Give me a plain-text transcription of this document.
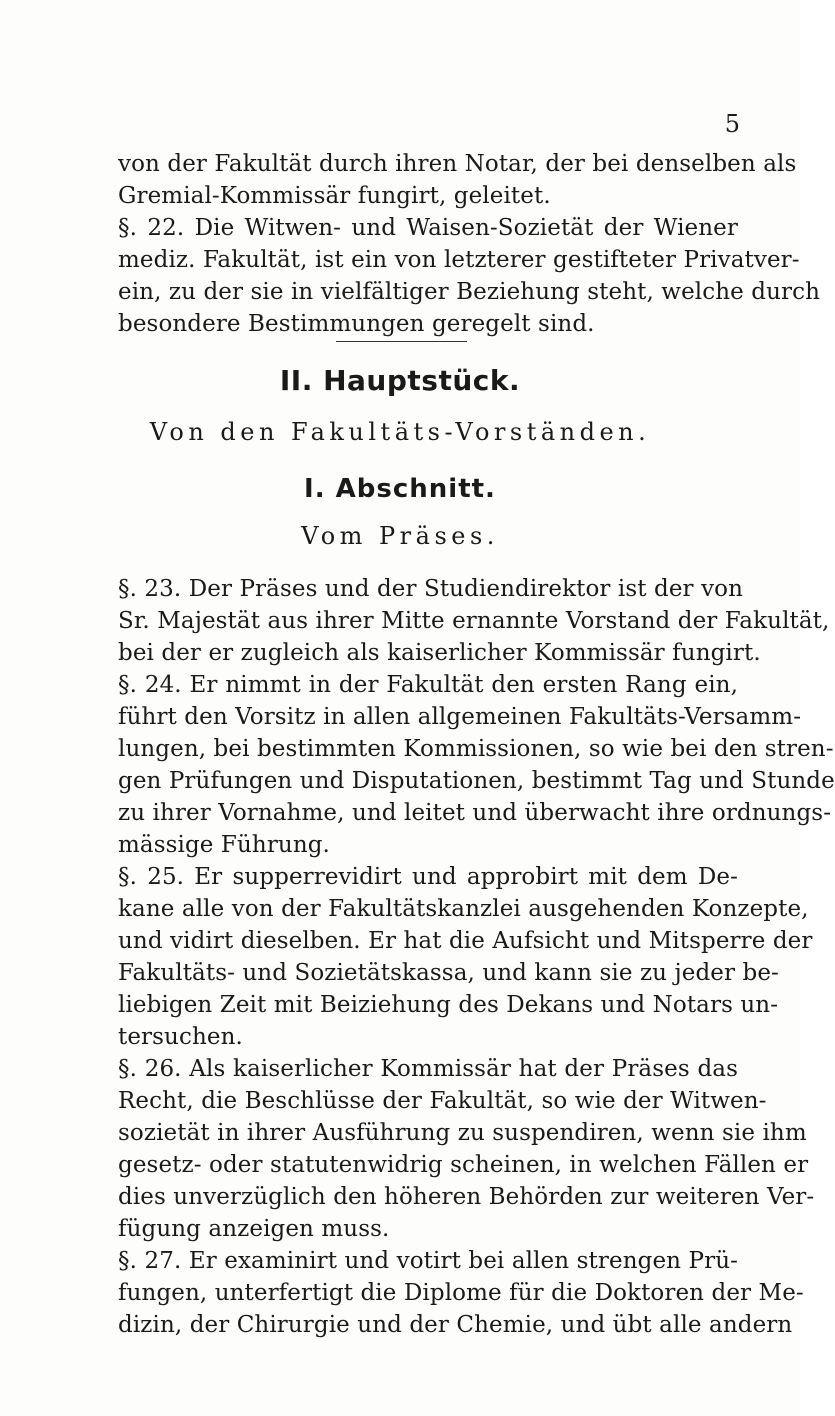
5
von der Fakultät durch ihren Notar, der bei denselben als
Gremial-Kommissär fungirt, geleitet.
§. 22. Die Witwen- und Waisen-Sozietät der Wiener
mediz. Fakultät, ist ein von letzterer gestifteter Privatver-
ein, zu der sie in vielfältiger Beziehung steht, welche durch
besondere Bestimmungen geregelt sind.
II. Hauptstück.
Von den Fakultäts-Vorständen.
I. Abschnitt.
Vom Präses.
§. 23. Der Präses und der Studiendirektor ist der von
Sr. Majestät aus ihrer Mitte ernannte Vorstand der Fakultät,
bei der er zugleich als kaiserlicher Kommissär fungirt.
§. 24. Er nimmt in der Fakultät den ersten Rang ein,
führt den Vorsitz in allen allgemeinen Fakultäts-Versamm-
lungen, bei bestimmten Kommissionen, so wie bei den stren-
gen Prüfungen und Disputationen, bestimmt Tag und Stunde
zu ihrer Vornahme, und leitet und überwacht ihre ordnungs-
mässige Führung.
§. 25. Er supperrevidirt und approbirt mit dem De-
kane alle von der Fakultätskanzlei ausgehenden Konzepte,
und vidirt dieselben. Er hat die Aufsicht und Mitsperre der
Fakultäts- und Sozietätskassa, und kann sie zu jeder be-
liebigen Zeit mit Beiziehung des Dekans und Notars un-
tersuchen.
§. 26. Als kaiserlicher Kommissär hat der Präses das
Recht, die Beschlüsse der Fakultät, so wie der Witwen-
sozietät in ihrer Ausführung zu suspendiren, wenn sie ihm
gesetz- oder statutenwidrig scheinen, in welchen Fällen er
dies unverzüglich den höheren Behörden zur weiteren Ver-
fügung anzeigen muss.
§. 27. Er examinirt und votirt bei allen strengen Prü-
fungen, unterfertigt die Diplome für die Doktoren der Me-
dizin, der Chirurgie und der Chemie, und übt alle andern
